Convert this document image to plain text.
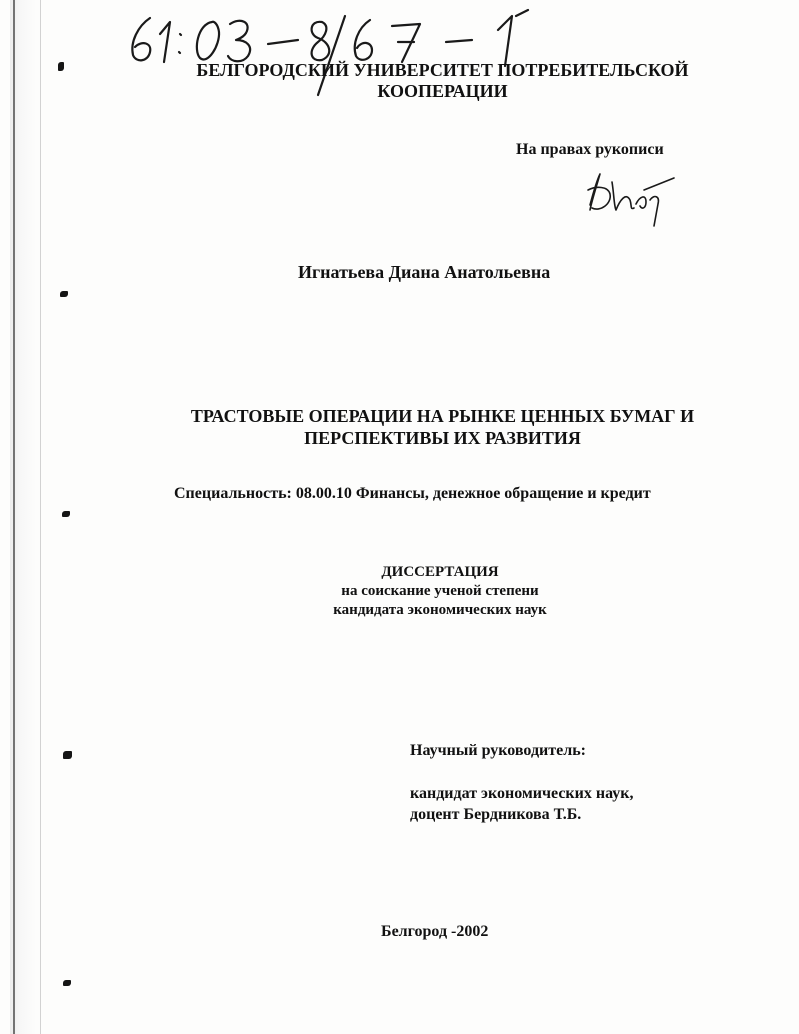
БЕЛГОРОДСКИЙ УНИВЕРСИТЕТ ПОТРЕБИТЕЛЬСКОЙ
КООПЕРАЦИИ
На правах рукописи
Игнатьева Диана Анатольевна
ТРАСТОВЫЕ ОПЕРАЦИИ НА РЫНКЕ ЦЕННЫХ БУМАГ И
ПЕРСПЕКТИВЫ ИХ РАЗВИТИЯ
Специальность: 08.00.10 Финансы, денежное обращение и кредит
ДИССЕРТАЦИЯ
на соискание ученой степени
кандидата экономических наук
Научный руководитель:
кандидат экономических наук,
доцент Бердникова Т.Б.
Белгород -2002
